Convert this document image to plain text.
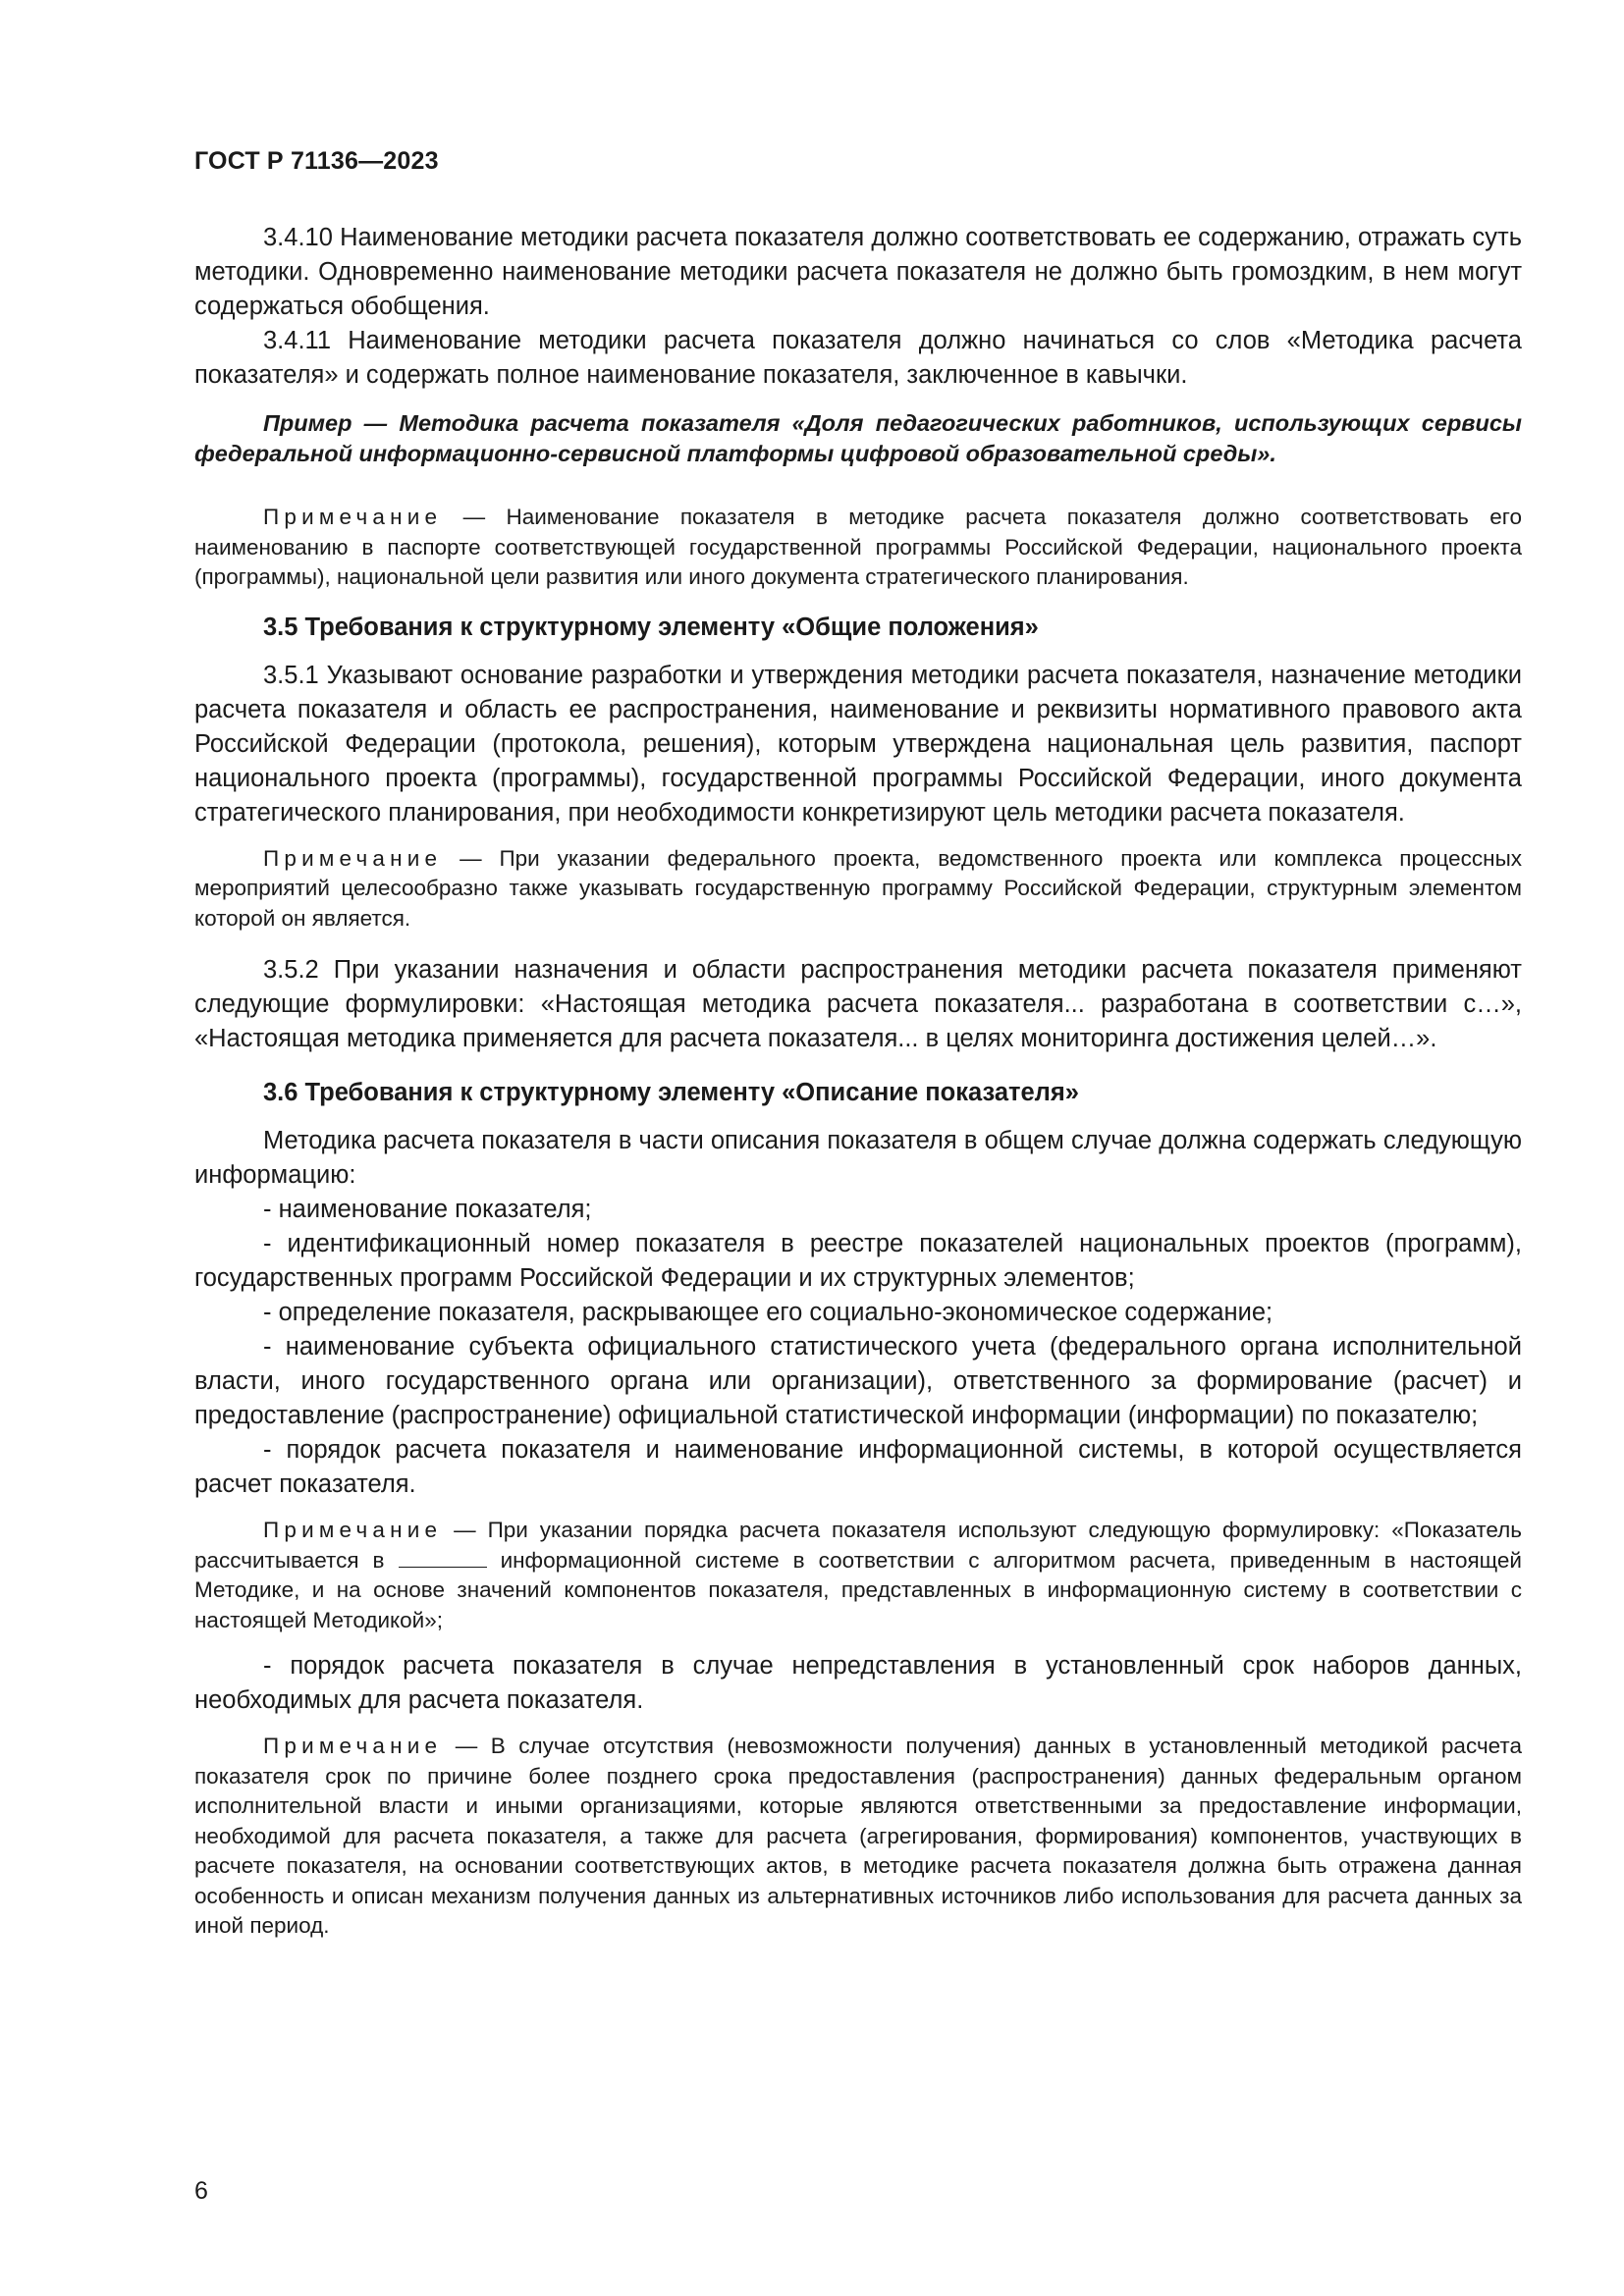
ГОСТ Р 71136—2023

3.4.10 Наименование методики расчета показателя должно соответствовать ее содержанию, отражать суть методики. Одновременно наименование методики расчета показателя не должно быть громоздким, в нем могут содержаться обобщения.

3.4.11 Наименование методики расчета показателя должно начинаться со слов «Методика расчета показателя» и содержать полное наименование показателя, заключенное в кавычки.

Пример — Методика расчета показателя «Доля педагогических работников, использующих сервисы федеральной информационно-сервисной платформы цифровой образовательной среды».

Примечание — Наименование показателя в методике расчета показателя должно соответствовать его наименованию в паспорте соответствующей государственной программы Российской Федерации, национального проекта (программы), национальной цели развития или иного документа стратегического планирования.

3.5 Требования к структурному элементу «Общие положения»

3.5.1 Указывают основание разработки и утверждения методики расчета показателя, назначение методики расчета показателя и область ее распространения, наименование и реквизиты нормативного правового акта Российской Федерации (протокола, решения), которым утверждена национальная цель развития, паспорт национального проекта (программы), государственной программы Российской Федерации, иного документа стратегического планирования, при необходимости конкретизируют цель методики расчета показателя.

Примечание — При указании федерального проекта, ведомственного проекта или комплекса процессных мероприятий целесообразно также указывать государственную программу Российской Федерации, структурным элементом которой он является.

3.5.2 При указании назначения и области распространения методики расчета показателя применяют следующие формулировки: «Настоящая методика расчета показателя... разработана в соответствии с…», «Настоящая методика применяется для расчета показателя... в целях мониторинга достижения целей…».

3.6 Требования к структурному элементу «Описание показателя»

Методика расчета показателя в части описания показателя в общем случае должна содержать следующую информацию:

- наименование показателя;

- идентификационный номер показателя в реестре показателей национальных проектов (программ), государственных программ Российской Федерации и их структурных элементов;

- определение показателя, раскрывающее его социально-экономическое содержание;

- наименование субъекта официального статистического учета (федерального органа исполнительной власти, иного государственного органа или организации), ответственного за формирование (расчет) и предоставление (распространение) официальной статистической информации (информации) по показателю;

- порядок расчета показателя и наименование информационной системы, в которой осуществляется расчет показателя.

Примечание — При указании порядка расчета показателя используют следующую формулировку: «Показатель рассчитывается в	информационной системе в соответствии с алгоритмом расчета, приведенным в настоящей Методике, и на основе значений компонентов показателя, представленных в информационную систему в соответствии с настоящей Методикой»;

- порядок расчета показателя в случае непредставления в установленный срок наборов данных, необходимых для расчета показателя.

Примечание — В случае отсутствия (невозможности получения) данных в установленный методикой расчета показателя срок по причине более позднего срока предоставления (распространения) данных федеральным органом исполнительной власти и иными организациями, которые являются ответственными за предоставление информации, необходимой для расчета показателя, а также для расчета (агрегирования, формирования) компонентов, участвующих в расчете показателя, на основании соответствующих актов, в методике расчета показателя должна быть отражена данная особенность и описан механизм получения данных из альтернативных источников либо использования для расчета данных за иной период.

6
